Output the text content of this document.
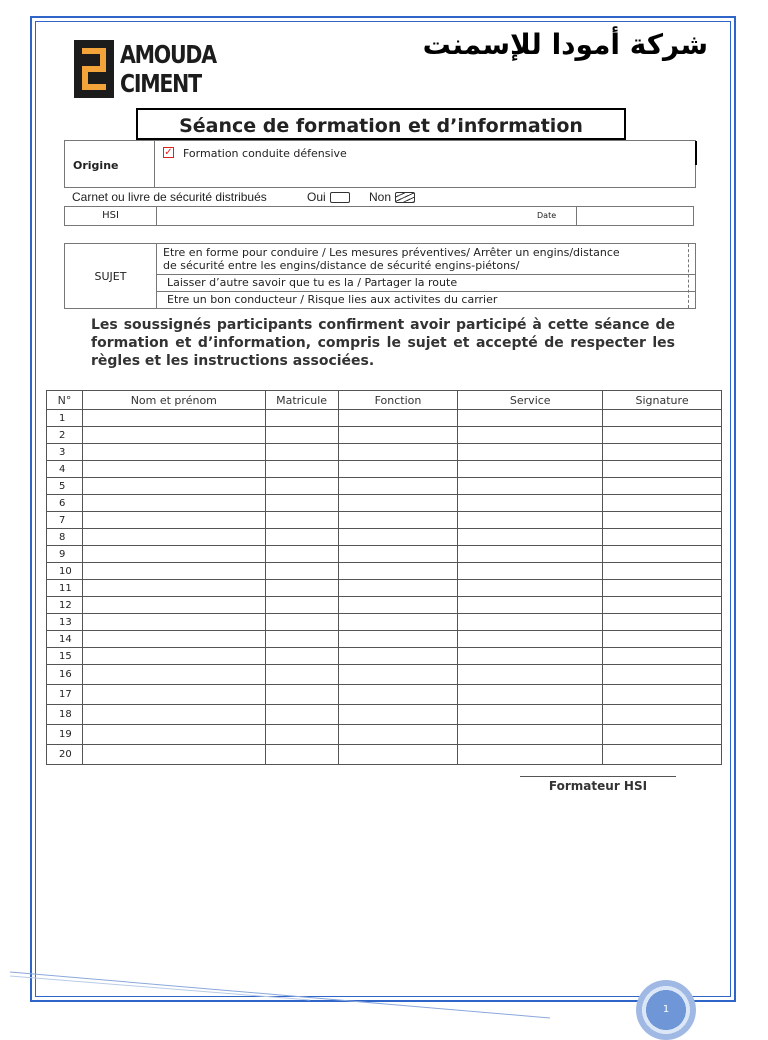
AMOUDA
CIMENT
شركة أمودا للإسمنت
Séance de formation et d’information
Origine
✓ Formation conduite défensive
Carnet ou livre de sécurité distribués	Oui	Non
HSI	Date
SUJET
Etre en forme pour conduire / Les mesures préventives/ Arrêter un engins/distance
de sécurité entre les engins/distance de sécurité engins-piétons/
Laisser d’autre savoir que tu es la / Partager la route
Etre un bon conducteur / Risque lies aux activites du carrier
Les soussignés participants confirment avoir participé à cette séance de formation et d’information, compris le sujet et accepté de respecter les règles et les instructions associées.
N°	Nom et prénom	Matricule	Fonction	Service	Signature
1					
2					
3					
4					
5					
6					
7					
8					
9					
10					
11					
12					
13					
14					
15					
16					
17					
18					
19					
20					
Formateur HSI
1
